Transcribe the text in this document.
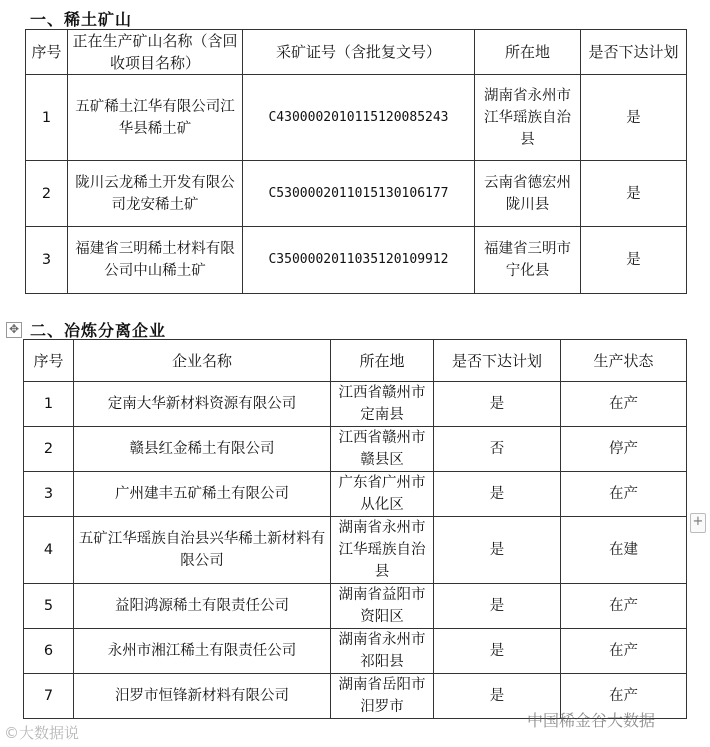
一、稀土矿山
序号	正在生产矿山名称（含回收项目名称）	采矿证号（含批复文号）	所在地	是否下达计划
1	五矿稀土江华有限公司江华县稀土矿	C4300002010115120085243	湖南省永州市江华瑶族自治县	是
2	陇川云龙稀土开发有限公司龙安稀土矿	C5300002011015130106177	云南省德宏州陇川县	是
3	福建省三明稀土材料有限公司中山稀土矿	C3500002011035120109912	福建省三明市宁化县	是
✥ 二、冶炼分离企业
序号	企业名称	所在地	是否下达计划	生产状态
1	定南大华新材料资源有限公司	江西省赣州市定南县	是	在产
2	赣县红金稀土有限公司	江西省赣州市赣县区	否	停产
3	广州建丰五矿稀土有限公司	广东省广州市从化区	是	在产
4	五矿江华瑶族自治县兴华稀土新材料有限公司	湖南省永州市江华瑶族自治县	是	在建
5	益阳鸿源稀土有限责任公司	湖南省益阳市资阳区	是	在产
6	永州市湘江稀土有限责任公司	湖南省永州市祁阳县	是	在产
7	汨罗市恒锋新材料有限公司	湖南省岳阳市汨罗市	是	在产
+
©大数据说
中国稀金谷大数据
